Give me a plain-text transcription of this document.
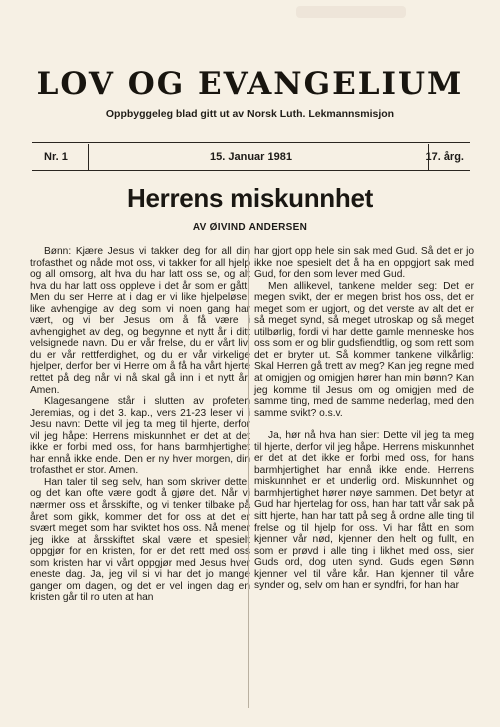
LOV OG EVANGELIUM
Oppbyggeleg blad gitt ut av Norsk Luth. Lekmannsmisjon
Nr. 1	15. Januar 1981	17. årg.
Herrens miskunnhet
AV ØIVIND ANDERSEN

Bønn: Kjære Jesus vi takker deg for all din trofasthet og nåde mot oss, vi takker for all hjelp og all omsorg, alt hva du har latt oss se, og alt hva du har latt oss oppleve i det år som er gått. Men du ser Herre at i dag er vi like hjelpeløse, like avhengige av deg som vi noen gang har vært, og vi ber Jesus om å få være i avhengighet av deg, og begynne et nytt år i ditt velsignede navn. Du er vår frelse, du er vårt liv, du er vår rettferdighet, og du er vår virkelige hjelper, derfor ber vi Herre om å få ha vårt hjerte rettet på deg når vi nå skal gå inn i et nytt år. Amen.

Klagesangene står i slutten av profeten Jeremias, og i det 3. kap., vers 21-23 leser vi i Jesu navn: Dette vil jeg ta meg til hjerte, derfor vil jeg håpe: Herrens miskunnhet er det at det ikke er forbi med oss, for hans barmhjertighet har ennå ikke ende. Den er ny hver morgen, din trofasthet er stor. Amen.

Han taler til seg selv, han som skriver dette, og det kan ofte være godt å gjøre det. Når vi nærmer oss et årsskifte, og vi tenker tilbake på året som gikk, kommer det for oss at det er svært meget som har sviktet hos oss. Nå mener jeg ikke at årsskiftet skal være et spesielt oppgjør for en kristen, for er det rett med oss som kristen har vi vårt oppgjør med Jesus hver eneste dag. Ja, jeg vil si vi har det jo mange ganger om dagen, og det er vel ingen dag en kristen går til ro uten at han

har gjort opp hele sin sak med Gud. Så det er jo ikke noe spesielt det å ha en oppgjort sak med Gud, for den som lever med Gud.

Men allikevel, tankene melder seg: Det er megen svikt, der er megen brist hos oss, det er meget som er ugjort, og det verste av alt det er så meget synd, så meget utroskap og så meget utilbørlig, fordi vi har dette gamle menneske hos oss som er og blir gudsfiendtlig, og som rett som det er bryter ut. Så kommer tankene vilkårlig: Skal Herren gå trett av meg? Kan jeg regne med at omigjen og omigjen hører han min bønn? Kan jeg komme til Jesus om og omigjen med de samme ting, med de samme nederlag, med den samme svikt? o.s.v.

Ja, hør nå hva han sier: Dette vil jeg ta meg til hjerte, derfor vil jeg håpe. Herrens miskunnhet er det at det ikke er forbi med oss, for hans barmhjertighet har ennå ikke ende. Herrens miskunnhet er et underlig ord. Miskunnhet og barmhjertighet hører nøye sammen. Det betyr at Gud har hjertelag for oss, han har tatt vår sak på sitt hjerte, han har tatt på seg å ordne alle ting til frelse og til hjelp for oss. Vi har fått en som kjenner vår nød, kjenner den helt og fullt, en som er prøvd i alle ting i likhet med oss, sier Guds ord, dog uten synd. Guds egen Sønn kjenner vel til våre kår. Han kjenner til våre synder og, selv om han er syndfri, for han har
